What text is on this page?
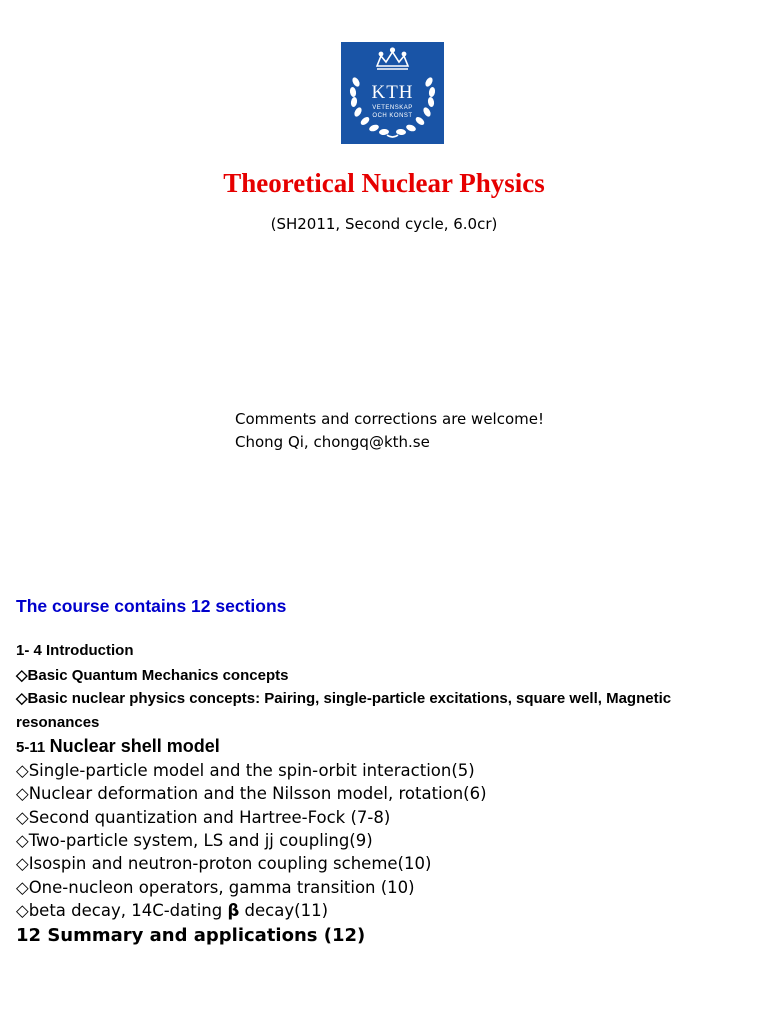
KTH
VETENSKAP
OCH KONST
Theoretical Nuclear Physics

(SH2011, Second cycle, 6.0cr)

Comments and corrections are welcome!
Chong Qi, chongq@kth.se
The course contains 12 sections
1- 4 Introduction
◇Basic Quantum Mechanics concepts
◇Basic nuclear physics concepts: Pairing, single-particle excitations, square well, Magnetic resonances
5-11 Nuclear shell model
◇Single-particle model and the spin-orbit interaction(5)
◇Nuclear deformation and the Nilsson model, rotation(6)
◇Second quantization and Hartree-Fock (7-8)
◇Two-particle system, LS and jj coupling(9)
◇Isospin and neutron-proton coupling scheme(10)
◇One-nucleon operators, gamma transition (10)
◇beta decay, 14C-dating β decay(11)
12 Summary and applications (12)
